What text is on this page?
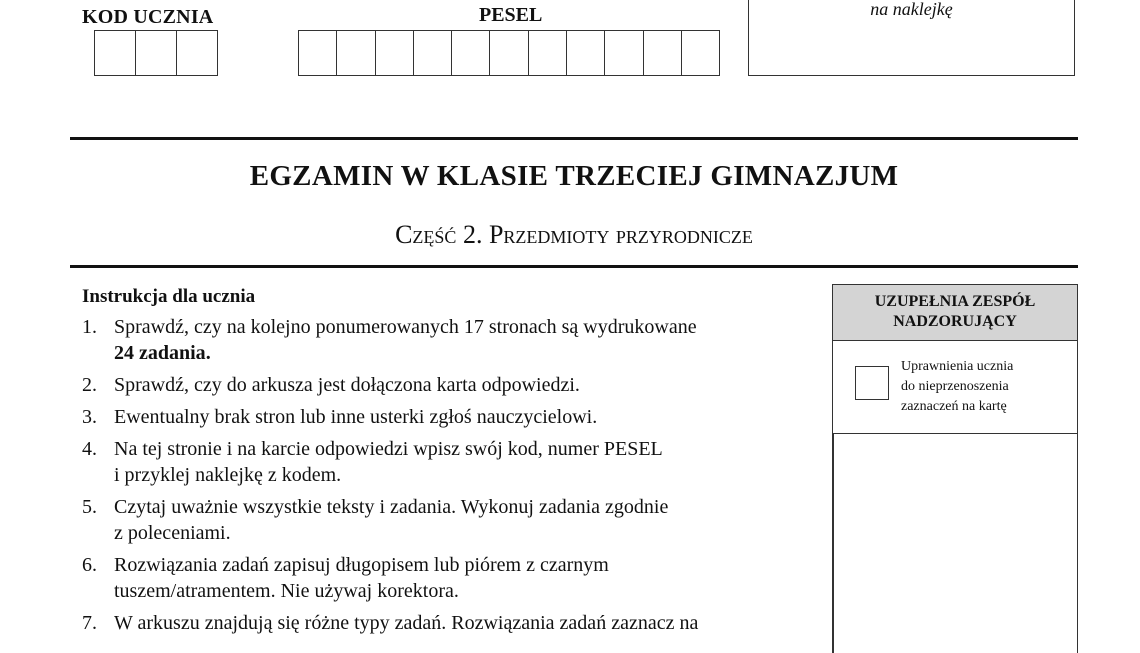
KOD UCZNIA	PESEL	na naklejkę
EGZAMIN W KLASIE TRZECIEJ GIMNAZJUM
Część 2. Przedmioty przyrodnicze
Instrukcja dla ucznia
1. Sprawdź, czy na kolejno ponumerowanych 17 stronach są wydrukowane
24 zadania.
2. Sprawdź, czy do arkusza jest dołączona karta odpowiedzi.
3. Ewentualny brak stron lub inne usterki zgłoś nauczycielowi.
4. Na tej stronie i na karcie odpowiedzi wpisz swój kod, numer PESEL
i przyklej naklejkę z kodem.
5. Czytaj uważnie wszystkie teksty i zadania. Wykonuj zadania zgodnie
z poleceniami.
6. Rozwiązania zadań zapisuj długopisem lub piórem z czarnym
tuszem/atramentem. Nie używaj korektora.
7. W arkuszu znajdują się różne typy zadań. Rozwiązania zadań zaznacz na
UZUPEŁNIA ZESPÓŁ
NADZORUJĄCY
Uprawnienia ucznia
do nieprzenoszenia
zaznaczeń na kartę
